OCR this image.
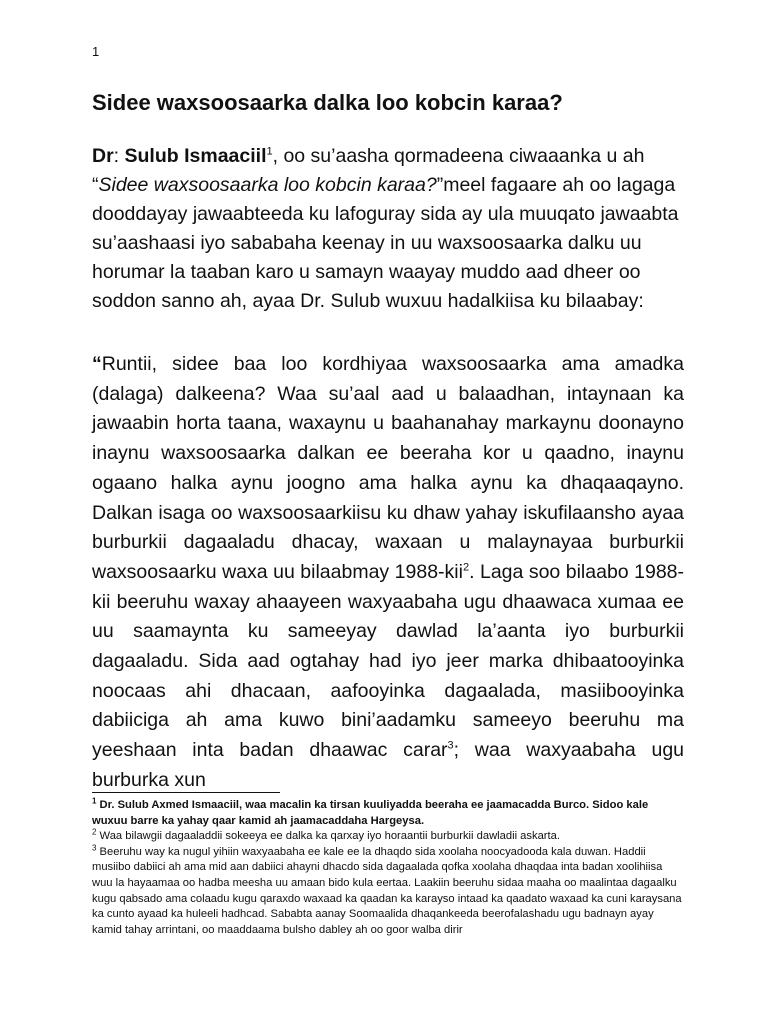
1
Sidee waxsoosaarka dalka loo kobcin karaa?

Dr: Sulub Ismaaciil$^1$, oo su’aasha qormadeena ciwaaanka u ah “Sidee waxsoosaarka loo kobcin karaa?”meel fagaare ah oo lagaga dooddayay jawaabteeda ku lafoguray sida ay ula muuqato jawaabta su’aashaasi iyo sababaha keenay in uu waxsoosaarka dalku uu horumar la taaban karo u samayn waayay muddo aad dheer oo soddon sanno ah, ayaa Dr. Sulub wuxuu hadalkiisa ku bilaabay:

“Runtii, sidee baa loo kordhiyaa waxsoosaarka ama amadka (dalaga) dalkeena? Waa su’aal aad u balaadhan, intaynaan ka jawaabin horta taana, waxaynu u baahanahay markaynu doonayno inaynu waxsoosaarka dalkan ee beeraha kor u qaadno, inaynu ogaano halka aynu joogno ama halka aynu ka dhaqaaqayno. Dalkan isaga oo waxsoosaarkiisu ku dhaw yahay iskufilaansho ayaa burburkii dagaaladu dhacay, waxaan u malaynayaa burburkii waxsoosaarku waxa uu bilaabmay 1988-kii$^2$. Laga soo bilaabo 1988-kii beeruhu waxay ahaayeen waxyaabaha ugu dhaawaca xumaa ee uu saamaynta ku sameeyay dawlad la’aanta iyo burburkii dagaaladu. Sida aad ogtahay had iyo jeer marka dhibaatooyinka noocaas ahi dhacaan, aafooyinka dagaalada, masiibooyinka dabiiciga ah ama kuwo bini’aadamku sameeyo beeruhu ma yeeshaan inta badan dhaawac carar$^3$; waa waxyaabaha ugu burburka xun

$^1$ Dr. Sulub Axmed Ismaaciil, waa macalin ka tirsan kuuliyadda beeraha ee jaamacadda Burco. Sidoo kale wuxuu barre ka yahay qaar kamid ah jaamacaddaha Hargeysa.

$^2$ Waa bilawgii dagaaladdii sokeeya ee dalka ka qarxay iyo horaantii burburkii dawladii askarta.

$^3$ Beeruhu way ka nugul yihiin waxyaabaha ee kale ee la dhaqdo sida xoolaha noocyadooda kala duwan. Haddii musiibo dabiici ah ama mid aan dabiici ahayni dhacdo sida dagaalada qofka xoolaha dhaqdaa inta badan xoolihiisa wuu la hayaamaa oo hadba meesha uu amaan bido kula eertaa. Laakiin beeruhu sidaa maaha oo maalintaa dagaalku kugu qabsado ama colaadu kugu qaraxdo waxaad ka qaadan ka karayso intaad ka qaadato waxaad ka cuni karaysana ka cunto ayaad ka huleeli hadhcad. Sababta aanay Soomaalida dhaqankeeda beerofalashadu ugu badnayn ayay kamid tahay arrintani, oo maaddaama bulsho dabley ah oo goor walba dirir
